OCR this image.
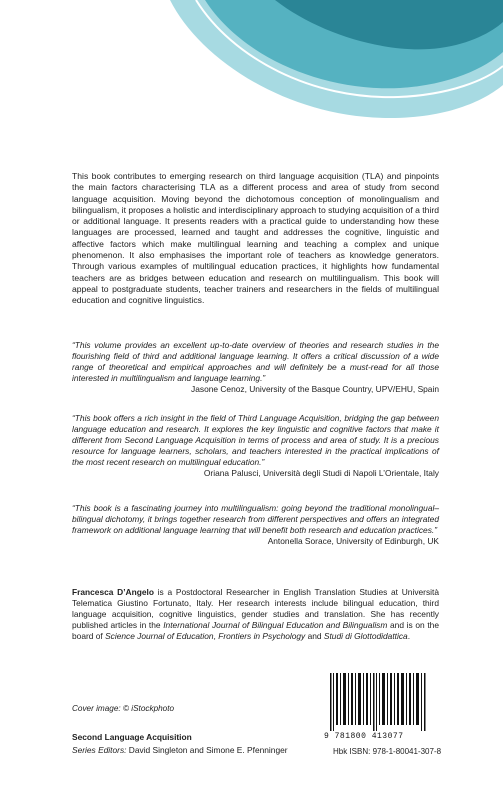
This book contributes to emerging research on third language acquisition (TLA) and pinpoints the main factors characterising TLA as a different process and area of study from second language acquisition. Moving beyond the dichotomous conception of monolingualism and bilingualism, it proposes a holistic and interdisciplinary approach to studying acquisition of a third or additional language. It presents readers with a practical guide to understanding how these languages are processed, learned and taught and addresses the cognitive, linguistic and affective factors which make multilingual learning and teaching a complex and unique phenomenon. It also emphasises the important role of teachers as knowledge generators. Through various examples of multilingual education practices, it highlights how fundamental teachers are as bridges between education and research on multilingualism. This book will appeal to postgraduate students, teacher trainers and researchers in the fields of multilingual education and cognitive linguistics.

“This volume provides an excellent up-to-date overview of theories and research studies in the flourishing field of third and additional language learning. It offers a critical discussion of a wide range of theoretical and empirical approaches and will definitely be a must-read for all those interested in multilingualism and language learning.”
Jasone Cenoz, University of the Basque Country, UPV/EHU, Spain
“This book offers a rich insight in the field of Third Language Acquisition, bridging the gap between language education and research. It explores the key linguistic and cognitive factors that make it different from Second Language Acquisition in terms of process and area of study. It is a precious resource for language learners, scholars, and teachers interested in the practical implications of the most recent research on multilingual education.”
Oriana Palusci, Università degli Studi di Napoli L’Orientale, Italy
“This book is a fascinating journey into multilingualism: going beyond the traditional monolingual–bilingual dichotomy, it brings together research from different perspectives and offers an integrated framework on additional language learning that will benefit both research and education practices.”
Antonella Sorace, University of Edinburgh, UK

Francesca D’Angelo is a Postdoctoral Researcher in English Translation Studies at Università Telematica Giustino Fortunato, Italy. Her research interests include bilingual education, third language acquisition, cognitive linguistics, gender studies and translation. She has recently published articles in the International Journal of Bilingual Education and Bilingualism and is on the board of Science Journal of Education, Frontiers in Psychology and Studi di Glottodidattica.

9 781800 413077

Cover image: © iStockphoto

Second Language Acquisition

Series Editors: David Singleton and Simone E. Pfenninger	Hbk ISBN: 978-1-80041-307-8
